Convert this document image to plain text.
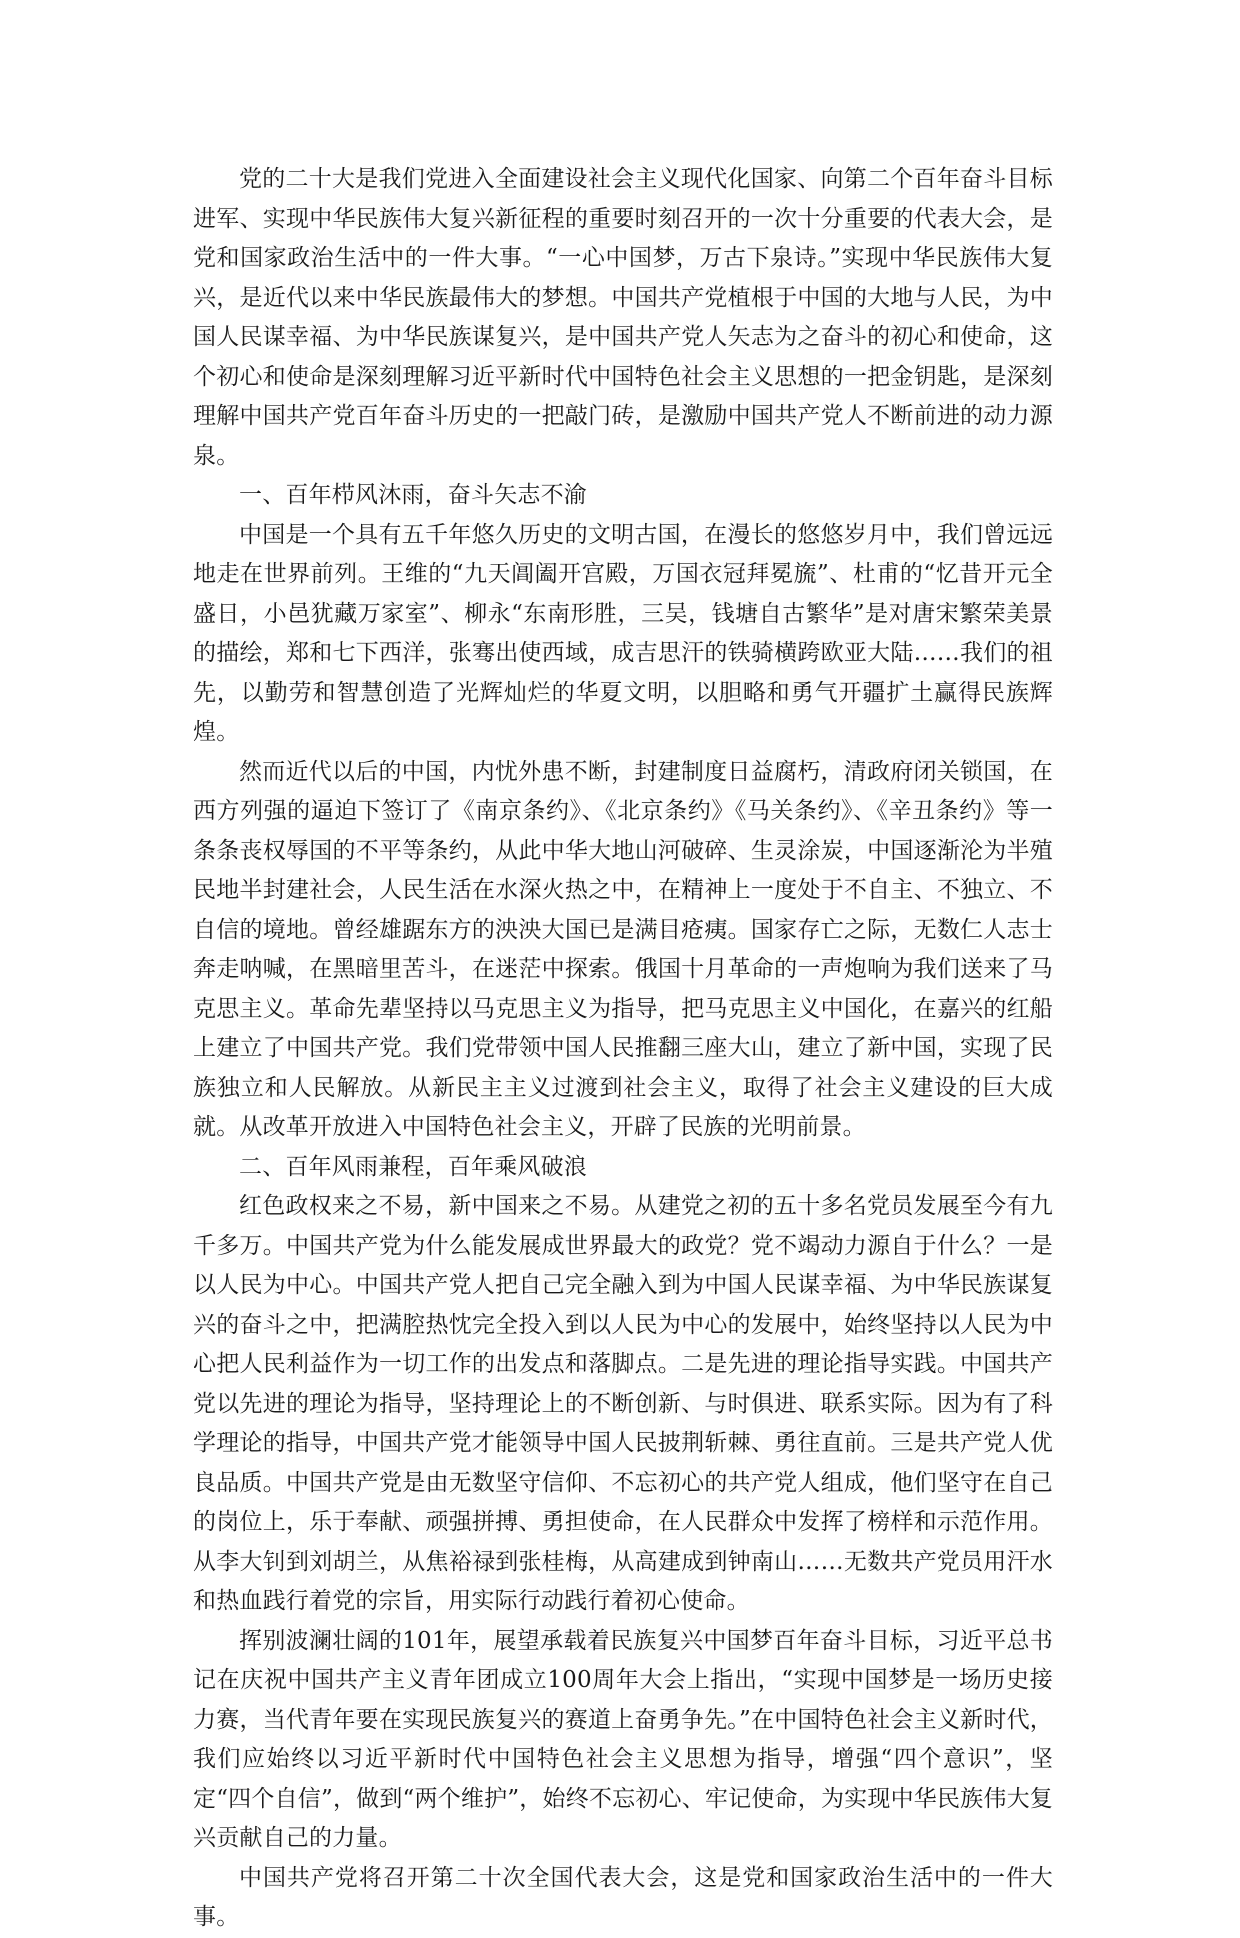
党的二十大是我们党进入全面建设社会主义现代化国家、向第二个百年奋斗目标进军、实现中华民族伟大复兴新征程的重要时刻召开的一次十分重要的代表大会，是党和国家政治生活中的一件大事。“一心中国梦，万古下泉诗。”实现中华民族伟大复兴，是近代以来中华民族最伟大的梦想。中国共产党植根于中国的大地与人民，为中国人民谋幸福、为中华民族谋复兴，是中国共产党人矢志为之奋斗的初心和使命，这个初心和使命是深刻理解习近平新时代中国特色社会主义思想的一把金钥匙，是深刻理解中国共产党百年奋斗历史的一把敲门砖，是激励中国共产党人不断前进的动力源泉。

一、百年栉风沐雨，奋斗矢志不渝

中国是一个具有五千年悠久历史的文明古国，在漫长的悠悠岁月中，我们曾远远地走在世界前列。王维的“九天阊阖开宫殿，万国衣冠拜冕旒”、杜甫的“忆昔开元全盛日，小邑犹藏万家室”、柳永“东南形胜，三吴，钱塘自古繁华”是对唐宋繁荣美景的描绘，郑和七下西洋，张骞出使西域，成吉思汗的铁骑横跨欧亚大陆……我们的祖先，以勤劳和智慧创造了光辉灿烂的华夏文明，以胆略和勇气开疆扩土赢得民族辉煌。

然而近代以后的中国，内忧外患不断，封建制度日益腐朽，清政府闭关锁国，在西方列强的逼迫下签订了《南京条约》、《北京条约》《马关条约》、《辛丑条约》等一条条丧权辱国的不平等条约，从此中华大地山河破碎、生灵涂炭，中国逐渐沦为半殖民地半封建社会，人民生活在水深火热之中，在精神上一度处于不自主、不独立、不自信的境地。曾经雄踞东方的泱泱大国已是满目疮痍。国家存亡之际，无数仁人志士奔走呐喊，在黑暗里苦斗，在迷茫中探索。俄国十月革命的一声炮响为我们送来了马克思主义。革命先辈坚持以马克思主义为指导，把马克思主义中国化，在嘉兴的红船上建立了中国共产党。我们党带领中国人民推翻三座大山，建立了新中国，实现了民族独立和人民解放。从新民主主义过渡到社会主义，取得了社会主义建设的巨大成就。从改革开放进入中国特色社会主义，开辟了民族的光明前景。

二、百年风雨兼程，百年乘风破浪

红色政权来之不易，新中国来之不易。从建党之初的五十多名党员发展至今有九千多万。中国共产党为什么能发展成世界最大的政党？党不竭动力源自于什么？一是以人民为中心。中国共产党人把自己完全融入到为中国人民谋幸福、为中华民族谋复兴的奋斗之中，把满腔热忱完全投入到以人民为中心的发展中，始终坚持以人民为中心把人民利益作为一切工作的出发点和落脚点。二是先进的理论指导实践。中国共产党以先进的理论为指导，坚持理论上的不断创新、与时俱进、联系实际。因为有了科学理论的指导，中国共产党才能领导中国人民披荆斩棘、勇往直前。三是共产党人优良品质。中国共产党是由无数坚守信仰、不忘初心的共产党人组成，他们坚守在自己的岗位上，乐于奉献、顽强拼搏、勇担使命，在人民群众中发挥了榜样和示范作用。从李大钊到刘胡兰，从焦裕禄到张桂梅，从高建成到钟南山……无数共产党员用汗水和热血践行着党的宗旨，用实际行动践行着初心使命。

挥别波澜壮阔的101年，展望承载着民族复兴中国梦百年奋斗目标，习近平总书记在庆祝中国共产主义青年团成立100周年大会上指出，“实现中国梦是一场历史接力赛，当代青年要在实现民族复兴的赛道上奋勇争先。”在中国特色社会主义新时代，我们应始终以习近平新时代中国特色社会主义思想为指导，增强“四个意识”，坚定“四个自信”，做到“两个维护”，始终不忘初心、牢记使命，为实现中华民族伟大复兴贡献自己的力量。

中国共产党将召开第二十次全国代表大会，这是党和国家政治生活中的一件大事。
